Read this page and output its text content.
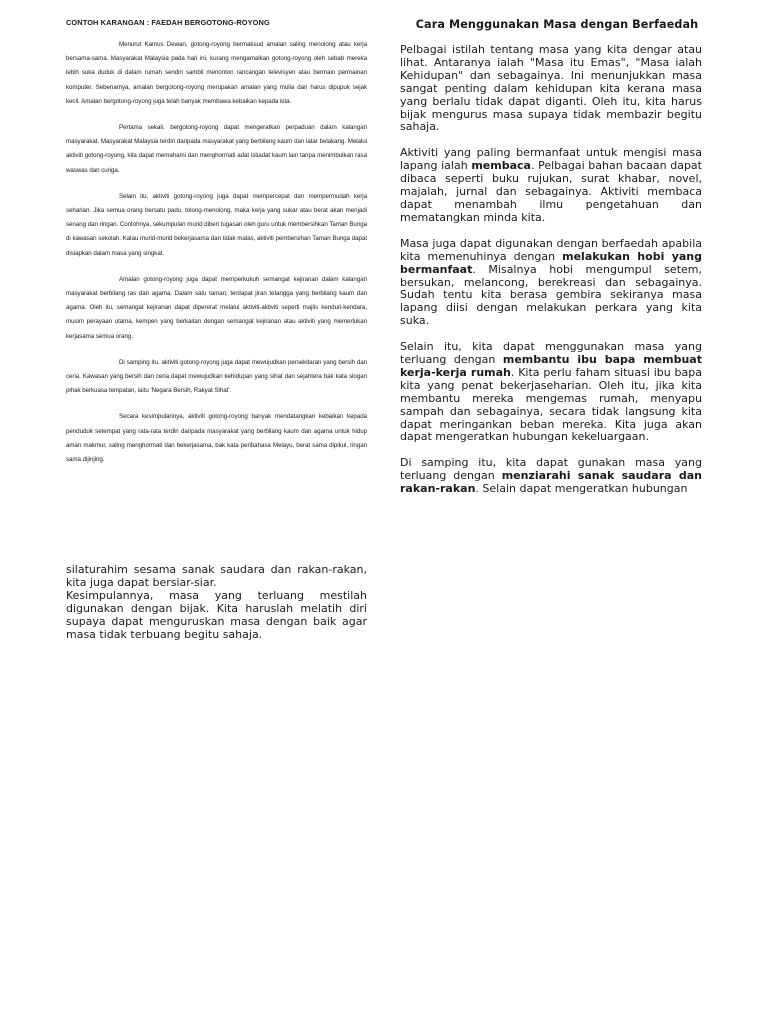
CONTOH KARANGAN : FAEDAH BERGOTONG-ROYONG

Menurut Kamus Dewan, gotong-royong bermaksud amalan saling menolong atau kerja bersama-sama. Masyarakat Malaysia pada hari ini, kurang mengamalkan gotong-royong oleh sebab mereka lebih suka duduk di dalam rumah sendiri sambil menonton rancangan televisyen atau bermain permainan komputer. Sebenarnya, amalan bergotong-royong merupakan amalan yang mulia dan harus dipupuk sejak kecil. Amalan bergotong-royong juga telah banyak membawa kebaikan kepada kita.

Pertama sekali, bergotong-royong dapat mengeratkan perpaduan dalam kalangan masyarakat. Masyarakat Malaysia terdiri daripada masyarakat yang berbilang kaum dan latar belakang. Melalui aktiviti gotong-royong, kita dapat memahami dan menghormati adat istiadat kaum lain tanpa menimbulkan rasa waswas dan curiga.

Selain itu, aktiviti gotong-royong juga dapat mempercepat dan mempermudah kerja seharian. Jika semua orang bersatu padu, tolong-menolong, maka kerja yang sukar atau berat akan menjadi senang dan ringan. Contohnya, sekumpulan murid diberi tugasan oleh guru untuk membersihkan Taman Bunga di kawasan sekolah. Kalau murid-murid bekerjasama dan tidak malas, aktiviti pembersihan Taman Bunga dapat disiapkan dalam masa yang singkat.

Amalan gotong-royong juga dapat memperkukuh semangat kejiranan dalam kalangan masyarakat berbilang ras dan agama. Dalam satu taman, terdapat jiran tetangga yang berbilang kaum dan agama. Oleh itu, semangat kejiranan dapat dipererat melalui aktiviti-aktiviti seperti majlis kenduri-kendara, musim perayaan utama, kempen yang berkaitan dengan semangat kejiranan atau aktiviti yang memerlukan kerjasama semua orang.

Di samping itu, aktiviti gotong-royong juga dapat mewujudkan persekitaran yang bersih dan ceria. Kawasan yang bersih dan ceria dapat mewujudkan kehidupan yang sihat dan sejahtera bak kata slogan pihak berkuasa tempatan, iaitu 'Negara Bersih, Rakyat Sihat'.

Secara kesimpulannya, aktiviti gotong-royong banyak mendatangkan kebaikan kepada penduduk setempat yang rata-rata terdiri daripada masyarakat yang berbilang kaum dan agama untuk hidup aman makmur, saling menghormati dan bekerjasama, bak kata peribahasa Melayu, berat sama dipikul, ringan sama dijinjing.

Cara Menggunakan Masa dengan Berfaedah

Pelbagai istilah tentang masa yang kita dengar atau lihat. Antaranya ialah "Masa itu Emas", "Masa ialah Kehidupan" dan sebagainya. Ini menunjukkan masa sangat penting dalam kehidupan kita kerana masa yang berlalu tidak dapat diganti. Oleh itu, kita harus bijak mengurus masa supaya tidak membazir begitu sahaja.

Aktiviti yang paling bermanfaat untuk mengisi masa lapang ialah membaca. Pelbagai bahan bacaan dapat dibaca seperti buku rujukan, surat khabar, novel, majalah, jurnal dan sebagainya. Aktiviti membaca dapat menambah ilmu pengetahuan dan mematangkan minda kita.

Masa juga dapat digunakan dengan berfaedah apabila kita memenuhinya dengan melakukan hobi yang bermanfaat. Misalnya hobi mengumpul setem, bersukan, melancong, berekreasi dan sebagainya. Sudah tentu kita berasa gembira sekiranya masa lapang diisi dengan melakukan perkara yang kita suka.

Selain itu, kita dapat menggunakan masa yang terluang dengan membantu ibu bapa membuat kerja-kerja rumah. Kita perlu faham situasi ibu bapa kita yang penat bekerjaseharian. Oleh itu, jika kita membantu mereka mengemas rumah, menyapu sampah dan sebagainya, secara tidak langsung kita dapat meringankan beban mereka. Kita juga akan dapat mengeratkan hubungan kekeluargaan.

Di samping itu, kita dapat gunakan masa yang terluang dengan menziarahi sanak saudara dan rakan-rakan. Selain dapat mengeratkan hubungan

silaturahim sesama sanak saudara dan rakan-rakan, kita juga dapat bersiar-siar.

Kesimpulannya, masa yang terluang mestilah digunakan dengan bijak. Kita haruslah melatih diri supaya dapat menguruskan masa dengan baik agar masa tidak terbuang begitu sahaja.
